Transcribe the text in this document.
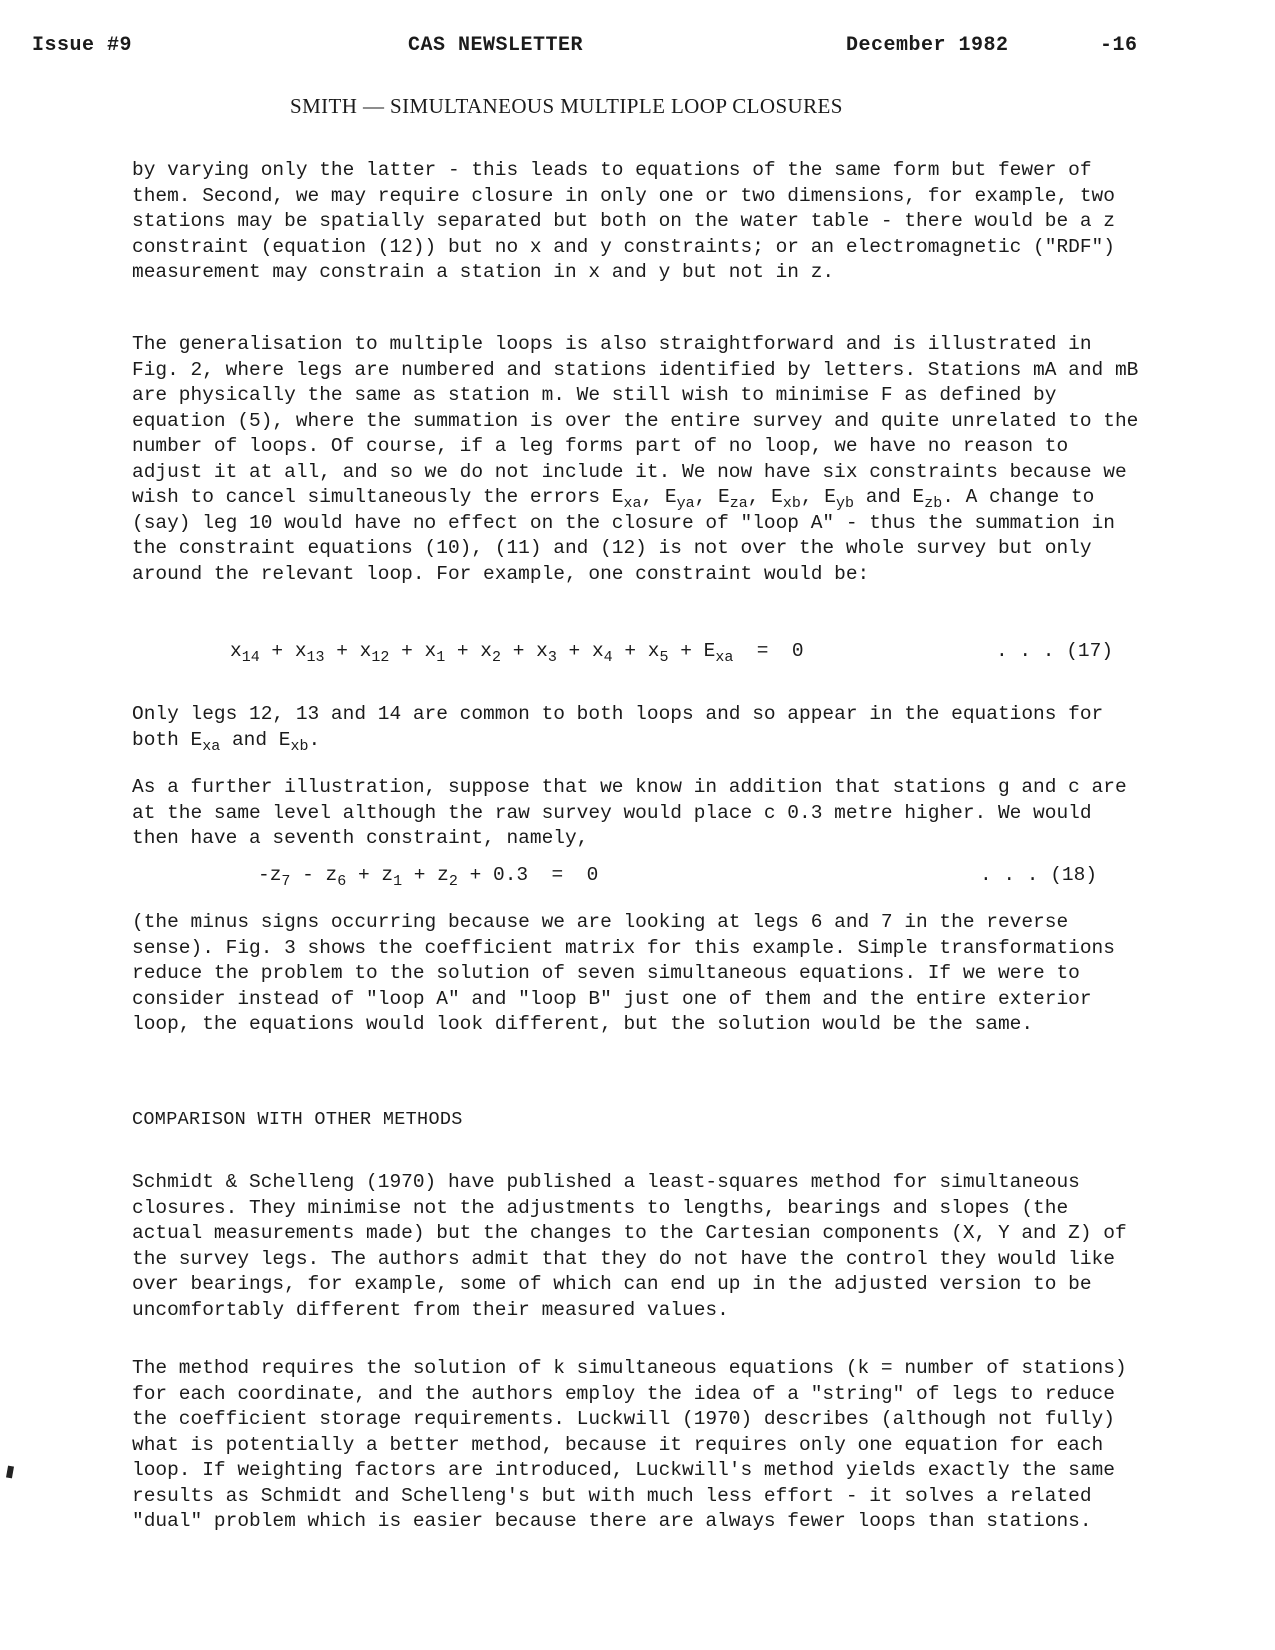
Issue #9	CAS NEWSLETTER	December 1982	-16
SMITH — SIMULTANEOUS MULTIPLE LOOP CLOSURES

by varying only the latter - this leads to equations of the same form but fewer of them. Second, we may require closure in only one or two dimensions, for example, two stations may be spatially separated but both on the water table - there would be a z constraint (equation (12)) but no x and y constraints; or an electromagnetic ("RDF") measurement may constrain a station in x and y but not in z.

The generalisation to multiple loops is also straightforward and is illustrated in Fig. 2, where legs are numbered and stations identified by letters. Stations mA and mB are physically the same as station m. We still wish to minimise F as defined by equation (5), where the summation is over the entire survey and quite unrelated to the number of loops. Of course, if a leg forms part of no loop, we have no reason to adjust it at all, and so we do not include it. We now have six constraints because we wish to cancel simultaneously the errors $E_{xa}$, $E_{ya}$, $E_{za}$, $E_{xb}$, $E_{yb}$ and $E_{zb}$. A change to (say) leg 10 would have no effect on the closure of "loop A" - thus the summation in the constraint equations (10), (11) and (12) is not over the whole survey but only around the relevant loop. For example, one constraint would be:

$x_{14} + x_{13} + x_{12} + x_1 + x_2 + x_3 + x_4 + x_5 + E_{xa} = 0$	. . . (17)

Only legs 12, 13 and 14 are common to both loops and so appear in the equations for both $E_{xa}$ and $E_{xb}$.

As a further illustration, suppose that we know in addition that stations g and c are at the same level although the raw survey would place c 0.3 metre higher. We would then have a seventh constraint, namely,

$-z_7 - z_6 + z_1 + z_2 + 0.3 = 0$	. . . (18)

(the minus signs occurring because we are looking at legs 6 and 7 in the reverse sense). Fig. 3 shows the coefficient matrix for this example. Simple transformations reduce the problem to the solution of seven simultaneous equations. If we were to consider instead of "loop A" and "loop B" just one of them and the entire exterior loop, the equations would look different, but the solution would be the same.

COMPARISON WITH OTHER METHODS

Schmidt & Schelleng (1970) have published a least-squares method for simultaneous closures. They minimise not the adjustments to lengths, bearings and slopes (the actual measurements made) but the changes to the Cartesian components (X, Y and Z) of the survey legs. The authors admit that they do not have the control they would like over bearings, for example, some of which can end up in the adjusted version to be uncomfortably different from their measured values.

The method requires the solution of k simultaneous equations (k = number of stations) for each coordinate, and the authors employ the idea of a "string" of legs to reduce the coefficient storage requirements. Luckwill (1970) describes (although not fully) what is potentially a better method, because it requires only one equation for each loop. If weighting factors are introduced, Luckwill's method yields exactly the same results as Schmidt and Schelleng's but with much less effort - it solves a related "dual" problem which is easier because there are always fewer loops than stations.
